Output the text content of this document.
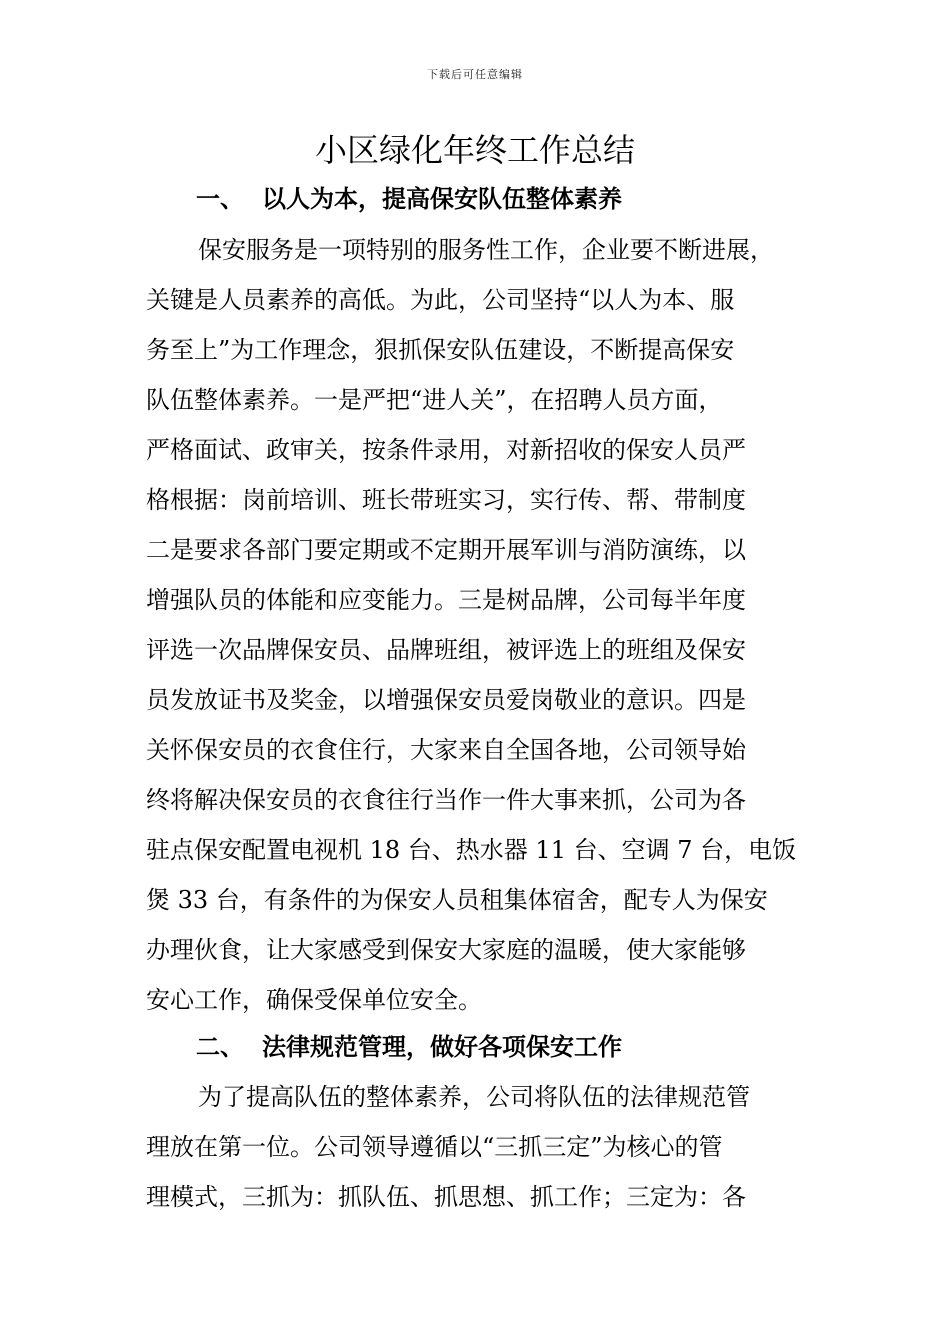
下载后可任意编辑
小区绿化年终工作总结
一、 以人为本，提高保安队伍整体素养
保安服务是一项特别的服务性工作，企业要不断进展，
关键是人员素养的高低。为此，公司坚持“以人为本、服
务至上”为工作理念，狠抓保安队伍建设，不断提高保安
队伍整体素养。一是严把“进人关”，在招聘人员方面，
严格面试、政审关，按条件录用，对新招收的保安人员严
格根据：岗前培训、班长带班实习，实行传、帮、带制度
二是要求各部门要定期或不定期开展军训与消防演练，以
增强队员的体能和应变能力。三是树品牌，公司每半年度
评选一次品牌保安员、品牌班组，被评选上的班组及保安
员发放证书及奖金，以增强保安员爱岗敬业的意识。四是
关怀保安员的衣食住行，大家来自全国各地，公司领导始
终将解决保安员的衣食往行当作一件大事来抓，公司为各
驻点保安配置电视机 18 台、热水器 11 台、空调 7 台，电饭
煲 33 台，有条件的为保安人员租集体宿舍，配专人为保安
办理伙食，让大家感受到保安大家庭的温暖，使大家能够
安心工作，确保受保单位安全。
二、 法律规范管理，做好各项保安工作
为了提高队伍的整体素养，公司将队伍的法律规范管
理放在第一位。公司领导遵循以“三抓三定”为核心的管
理模式，三抓为：抓队伍、抓思想、抓工作；三定为：各
